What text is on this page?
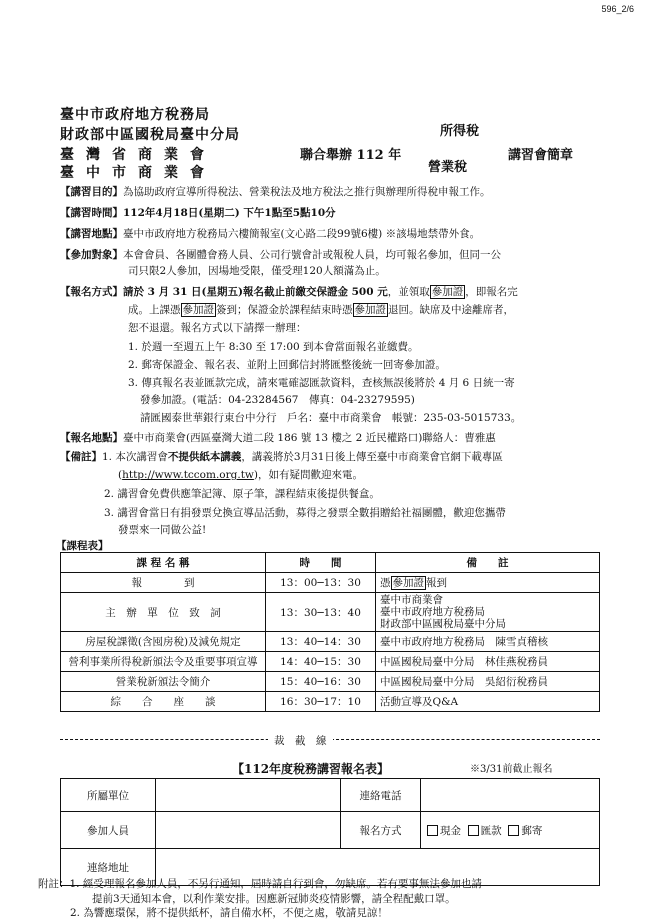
596_2/6
臺中市政府地方稅務局
財政部中區國稅局臺中分局
臺灣省商業會
臺中市商業會
聯合舉辦 112 年
所得稅
營業稅
講習會簡章
【講習目的】為協助政府宣導所得稅法、營業稅法及地方稅法之推行與辦理所得稅申報工作。
【講習時間】112年4月18日(星期二) 下午1點至5點10分
【講習地點】臺中市政府地方稅務局六樓簡報室(文心路二段99號6樓) ※該場地禁帶外食。
【參加對象】本會會員、各團體會務人員、公司行號會計或報稅人員，均可報名參加，但同一公
司只限2人參加，因場地受限，僅受理120人額滿為止。
【報名方式】請於 3 月 31 日(星期五)報名截止前繳交保證金 500 元，並領取 參加證 ，即報名完
成。上課憑 參加證 簽到；保證金於課程結束時憑 參加證 退回。缺席及中途離席者，
恕不退還。報名方式以下請擇一辦理：
1. 於週一至週五上午 8:30 至 17:00 到本會當面報名並繳費。
2. 郵寄保證金、報名表、並附上回郵信封將匯整後統一回寄參加證。
3. 傳真報名表並匯款完成，請來電確認匯款資料，查核無誤後將於 4 月 6 日統一寄
發參加證。(電話：04-23284567　傳真：04-23279595)
請匯國泰世華銀行東台中分行　戶名：臺中市商業會　帳號：235-03-5015733。
【報名地點】臺中市商業會(西區臺灣大道二段 186 號 13 樓之 2 近民權路口)聯絡人：曹雅惠
【備註】1. 本次講習會不提供紙本講義，講義將於3月31日後上傳至臺中市商業會官網下載專區
(http://www.tccom.org.tw)，如有疑問歡迎來電。
2. 講習會免費供應筆記簿、原子筆，課程結束後提供餐盒。
3. 講習會當日有捐發票兌換宣導品活動，募得之發票全數捐贈給社福團體，歡迎您攜帶
發票來一同做公益!
【課程表】
課 程 名 稱	時　　間	備　　註
報　　　　到	13：00─13：30	憑 參加證 報到
主　辦　單　位　致　詞	13：30─13：40	臺中市商業會
臺中市政府地方稅務局
財政部中區國稅局臺中分局

房屋稅課徵(含囤房稅)及減免規定	13：40─14：30	臺中市政府地方稅務局　陳雪貞稽核
營利事業所得稅新頒法令及重要事項宣導	14：40─15：30	中區國稅局臺中分局　林佳燕稅務員
營業稅新頒法令簡介	15：40─16：30	中區國稅局臺中分局　吳紹衍稅務員
綜　　合　　座　　談	16：30─17：10	活動宣導及Q&A
裁　截　線
【112年度稅務講習報名表】	※3/31前截止報名
所屬單位		連絡電話	
參加人員		報名方式	現金 匯款 郵寄
連絡地址			
附註：1. 經受理報名參加人員，不另行通知，屆時請自行到會，勿缺席。若有要事無法參加也請
提前3天通知本會，以利作業安排。因應新冠肺炎疫情影響，請全程配戴口罩。
2. 為響應環保，將不提供紙杯，請自備水杯，不便之處，敬請見諒！
